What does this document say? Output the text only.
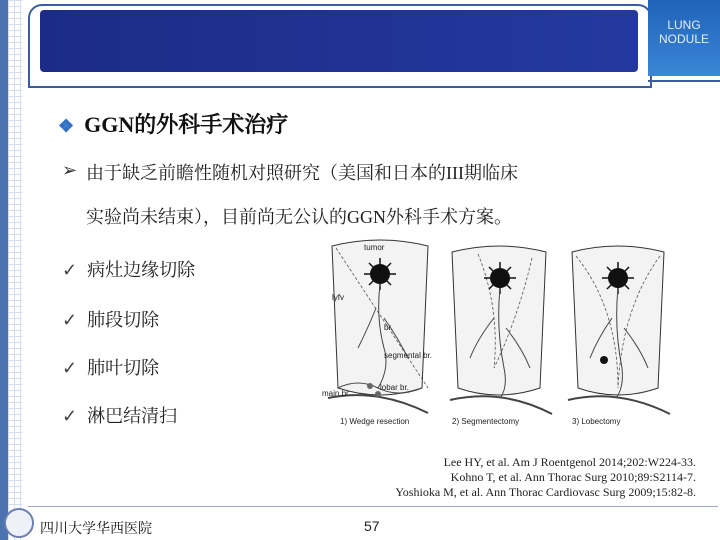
LUNG
NODULE
❖ GGN的外科手术治疗
➢ 由于缺乏前瞻性随机对照研究（美国和日本的III期临床
实验尚未结束），目前尚无公认的GGN外科手术方案。
✓ 病灶边缘切除
✓ 肺段切除
✓ 肺叶切除
✓ 淋巴结清扫
tumor
lyfv
br.
segmental br.
main br.
lobar br.
1) Wedge resection	2) Segmentectomy	3) Lobectomy
Lee HY, et al. Am J Roentgenol 2014;202:W224-33.
Kohno T, et al. Ann Thorac Surg 2010;89:S2114-7.
Yoshioka M, et al. Ann Thorac Cardiovasc Surg 2009;15:82-8.
四川大学华西医院	57
